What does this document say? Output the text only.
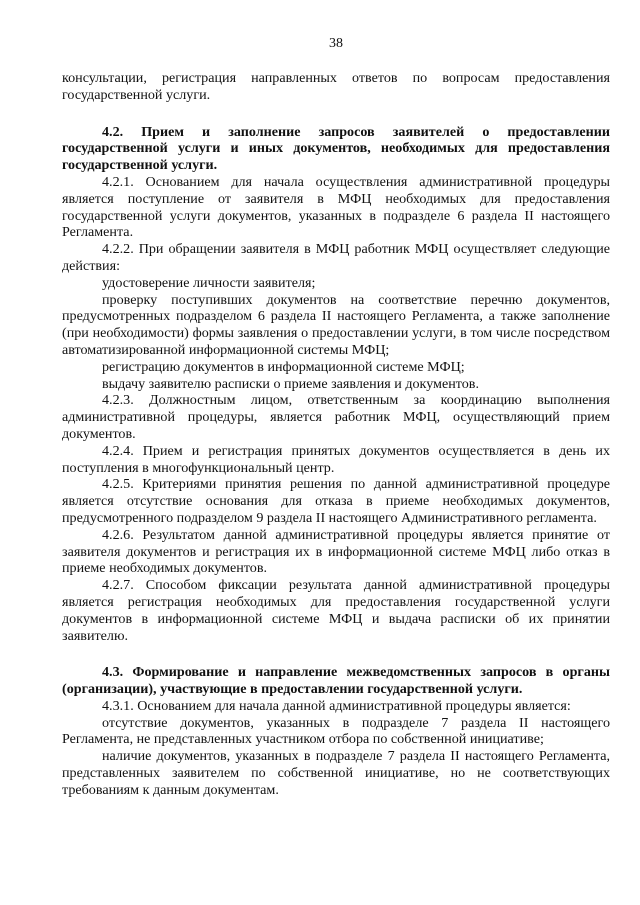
38

консультации, регистрация направленных ответов по вопросам предоставления государственной услуги.

4.2. Прием и заполнение запросов заявителей о предоставлении государственной услуги и иных документов, необходимых для предоставления государственной услуги.

4.2.1. Основанием для начала осуществления административной процедуры является поступление от заявителя в МФЦ необходимых для предоставления государственной услуги документов, указанных в подразделе 6 раздела II настоящего Регламента.

4.2.2. При обращении заявителя в МФЦ работник МФЦ осуществляет следующие действия:

удостоверение личности заявителя;

проверку поступивших документов на соответствие перечню документов, предусмотренных подразделом 6 раздела II настоящего Регламента, а также заполнение (при необходимости) формы заявления о предоставлении услуги, в том числе посредством автоматизированной информационной системы МФЦ;

регистрацию документов в информационной системе МФЦ;

выдачу заявителю расписки о приеме заявления и документов.

4.2.3. Должностным лицом, ответственным за координацию выполнения административной процедуры, является работник МФЦ, осуществляющий прием документов.

4.2.4. Прием и регистрация принятых документов осуществляется в день их поступления в многофункциональный центр.

4.2.5. Критериями принятия решения по данной административной процедуре является отсутствие основания для отказа в приеме необходимых документов, предусмотренного подразделом 9 раздела II настоящего Административного регламента.

4.2.6. Результатом данной административной процедуры является принятие от заявителя документов и регистрация их в информационной системе МФЦ либо отказ в приеме необходимых документов.

4.2.7. Способом фиксации результата данной административной процедуры является регистрация необходимых для предоставления государственной услуги документов в информационной системе МФЦ и выдача расписки об их принятии заявителю.

4.3. Формирование и направление межведомственных запросов в органы (организации), участвующие в предоставлении государственной услуги.

4.3.1. Основанием для начала данной административной процедуры является:

отсутствие документов, указанных в подразделе 7 раздела II настоящего Регламента, не представленных участником отбора по собственной инициативе;

наличие документов, указанных в подразделе 7 раздела II настоящего Регламента, представленных заявителем по собственной инициативе, но не соответствующих требованиям к данным документам.
